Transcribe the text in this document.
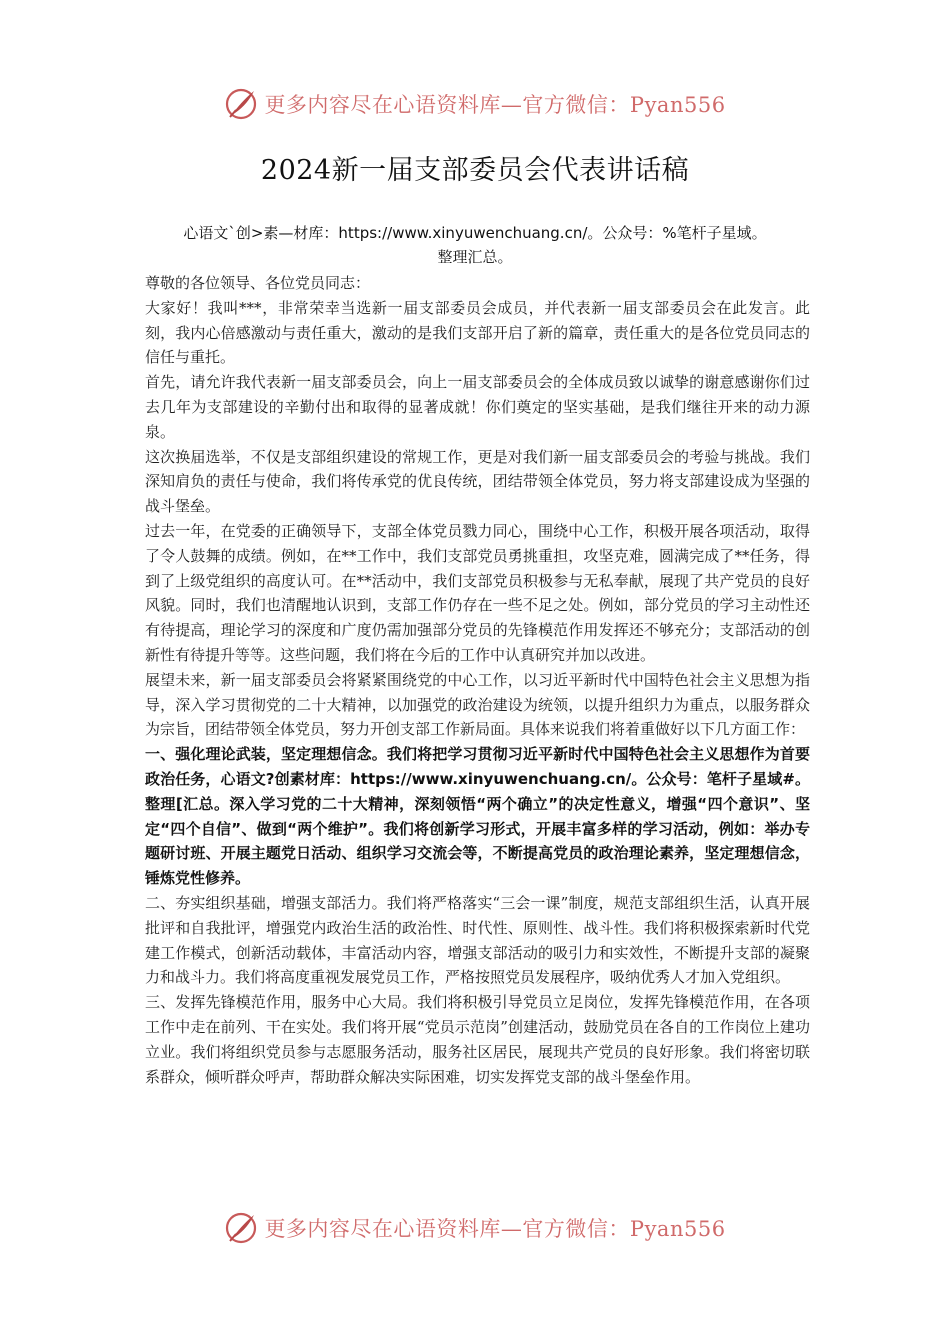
更多内容尽在心语资料库—官方微信：Pyan556
2024新一届支部委员会代表讲话稿
心语文`创>素—材库：https://www.xinyuwenchuang.cn/。公众号：%笔杆子星域。
整理汇总。

尊敬的各位领导、各位党员同志：

大家好！我叫***，非常荣幸当选新一届支部委员会成员，并代表新一届支部委员会在此发言。此刻，我内心倍感激动与责任重大，激动的是我们支部开启了新的篇章，责任重大的是各位党员同志的信任与重托。

首先，请允许我代表新一届支部委员会，向上一届支部委员会的全体成员致以诚挚的谢意感谢你们过去几年为支部建设的辛勤付出和取得的显著成就！你们奠定的坚实基础，是我们继往开来的动力源泉。

这次换届选举，不仅是支部组织建设的常规工作，更是对我们新一届支部委员会的考验与挑战。我们深知肩负的责任与使命，我们将传承党的优良传统，团结带领全体党员，努力将支部建设成为坚强的战斗堡垒。

过去一年，在党委的正确领导下，支部全体党员戮力同心，围绕中心工作，积极开展各项活动，取得了令人鼓舞的成绩。例如，在**工作中，我们支部党员勇挑重担，攻坚克难，圆满完成了**任务，得到了上级党组织的高度认可。在**活动中，我们支部党员积极参与无私奉献，展现了共产党员的良好风貌。同时，我们也清醒地认识到，支部工作仍存在一些不足之处。例如，部分党员的学习主动性还有待提高，理论学习的深度和广度仍需加强部分党员的先锋模范作用发挥还不够充分；支部活动的创新性有待提升等等。这些问题，我们将在今后的工作中认真研究并加以改进。

展望未来，新一届支部委员会将紧紧围绕党的中心工作，以习近平新时代中国特色社会主义思想为指导，深入学习贯彻党的二十大精神，以加强党的政治建设为统领，以提升组织力为重点，以服务群众为宗旨，团结带领全体党员，努力开创支部工作新局面。具体来说我们将着重做好以下几方面工作：

一、强化理论武装，坚定理想信念。我们将把学习贯彻习近平新时代中国特色社会主义思想作为首要政治任务，心语文?创素材库：https://www.xinyuwenchuang.cn/。公众号：笔杆子星域#。整理[汇总。深入学习党的二十大精神，深刻领悟“两个确立”的决定性意义，增强“四个意识”、坚定“四个自信”、做到“两个维护”。我们将创新学习形式，开展丰富多样的学习活动，例如：举办专题研讨班、开展主题党日活动、组织学习交流会等，不断提高党员的政治理论素养，坚定理想信念，锤炼党性修养。

二、夯实组织基础，增强支部活力。我们将严格落实“三会一课”制度，规范支部组织生活，认真开展批评和自我批评，增强党内政治生活的政治性、时代性、原则性、战斗性。我们将积极探索新时代党建工作模式，创新活动载体，丰富活动内容，增强支部活动的吸引力和实效性，不断提升支部的凝聚力和战斗力。我们将高度重视发展党员工作，严格按照党员发展程序，吸纳优秀人才加入党组织。

三、发挥先锋模范作用，服务中心大局。我们将积极引导党员立足岗位，发挥先锋模范作用，在各项工作中走在前列、干在实处。我们将开展“党员示范岗”创建活动，鼓励党员在各自的工作岗位上建功立业。我们将组织党员参与志愿服务活动，服务社区居民，展现共产党员的良好形象。我们将密切联系群众，倾听群众呼声，帮助群众解决实际困难，切实发挥党支部的战斗堡垒作用。

更多内容尽在心语资料库—官方微信：Pyan556
